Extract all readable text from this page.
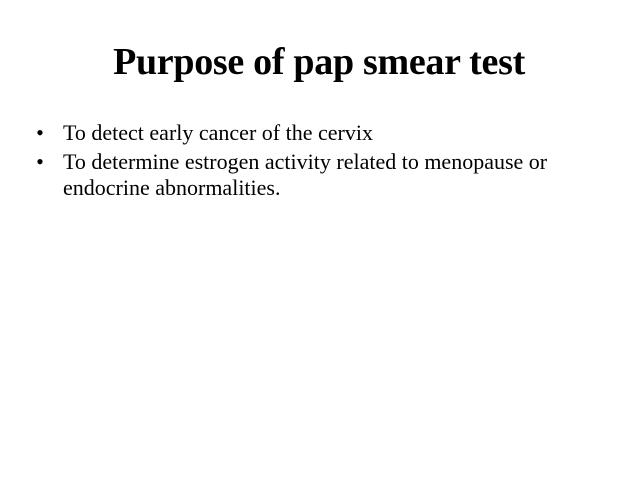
Purpose of pap smear test
• To detect early cancer of the cervix
• To determine estrogen activity related to menopause or endocrine abnormalities.
